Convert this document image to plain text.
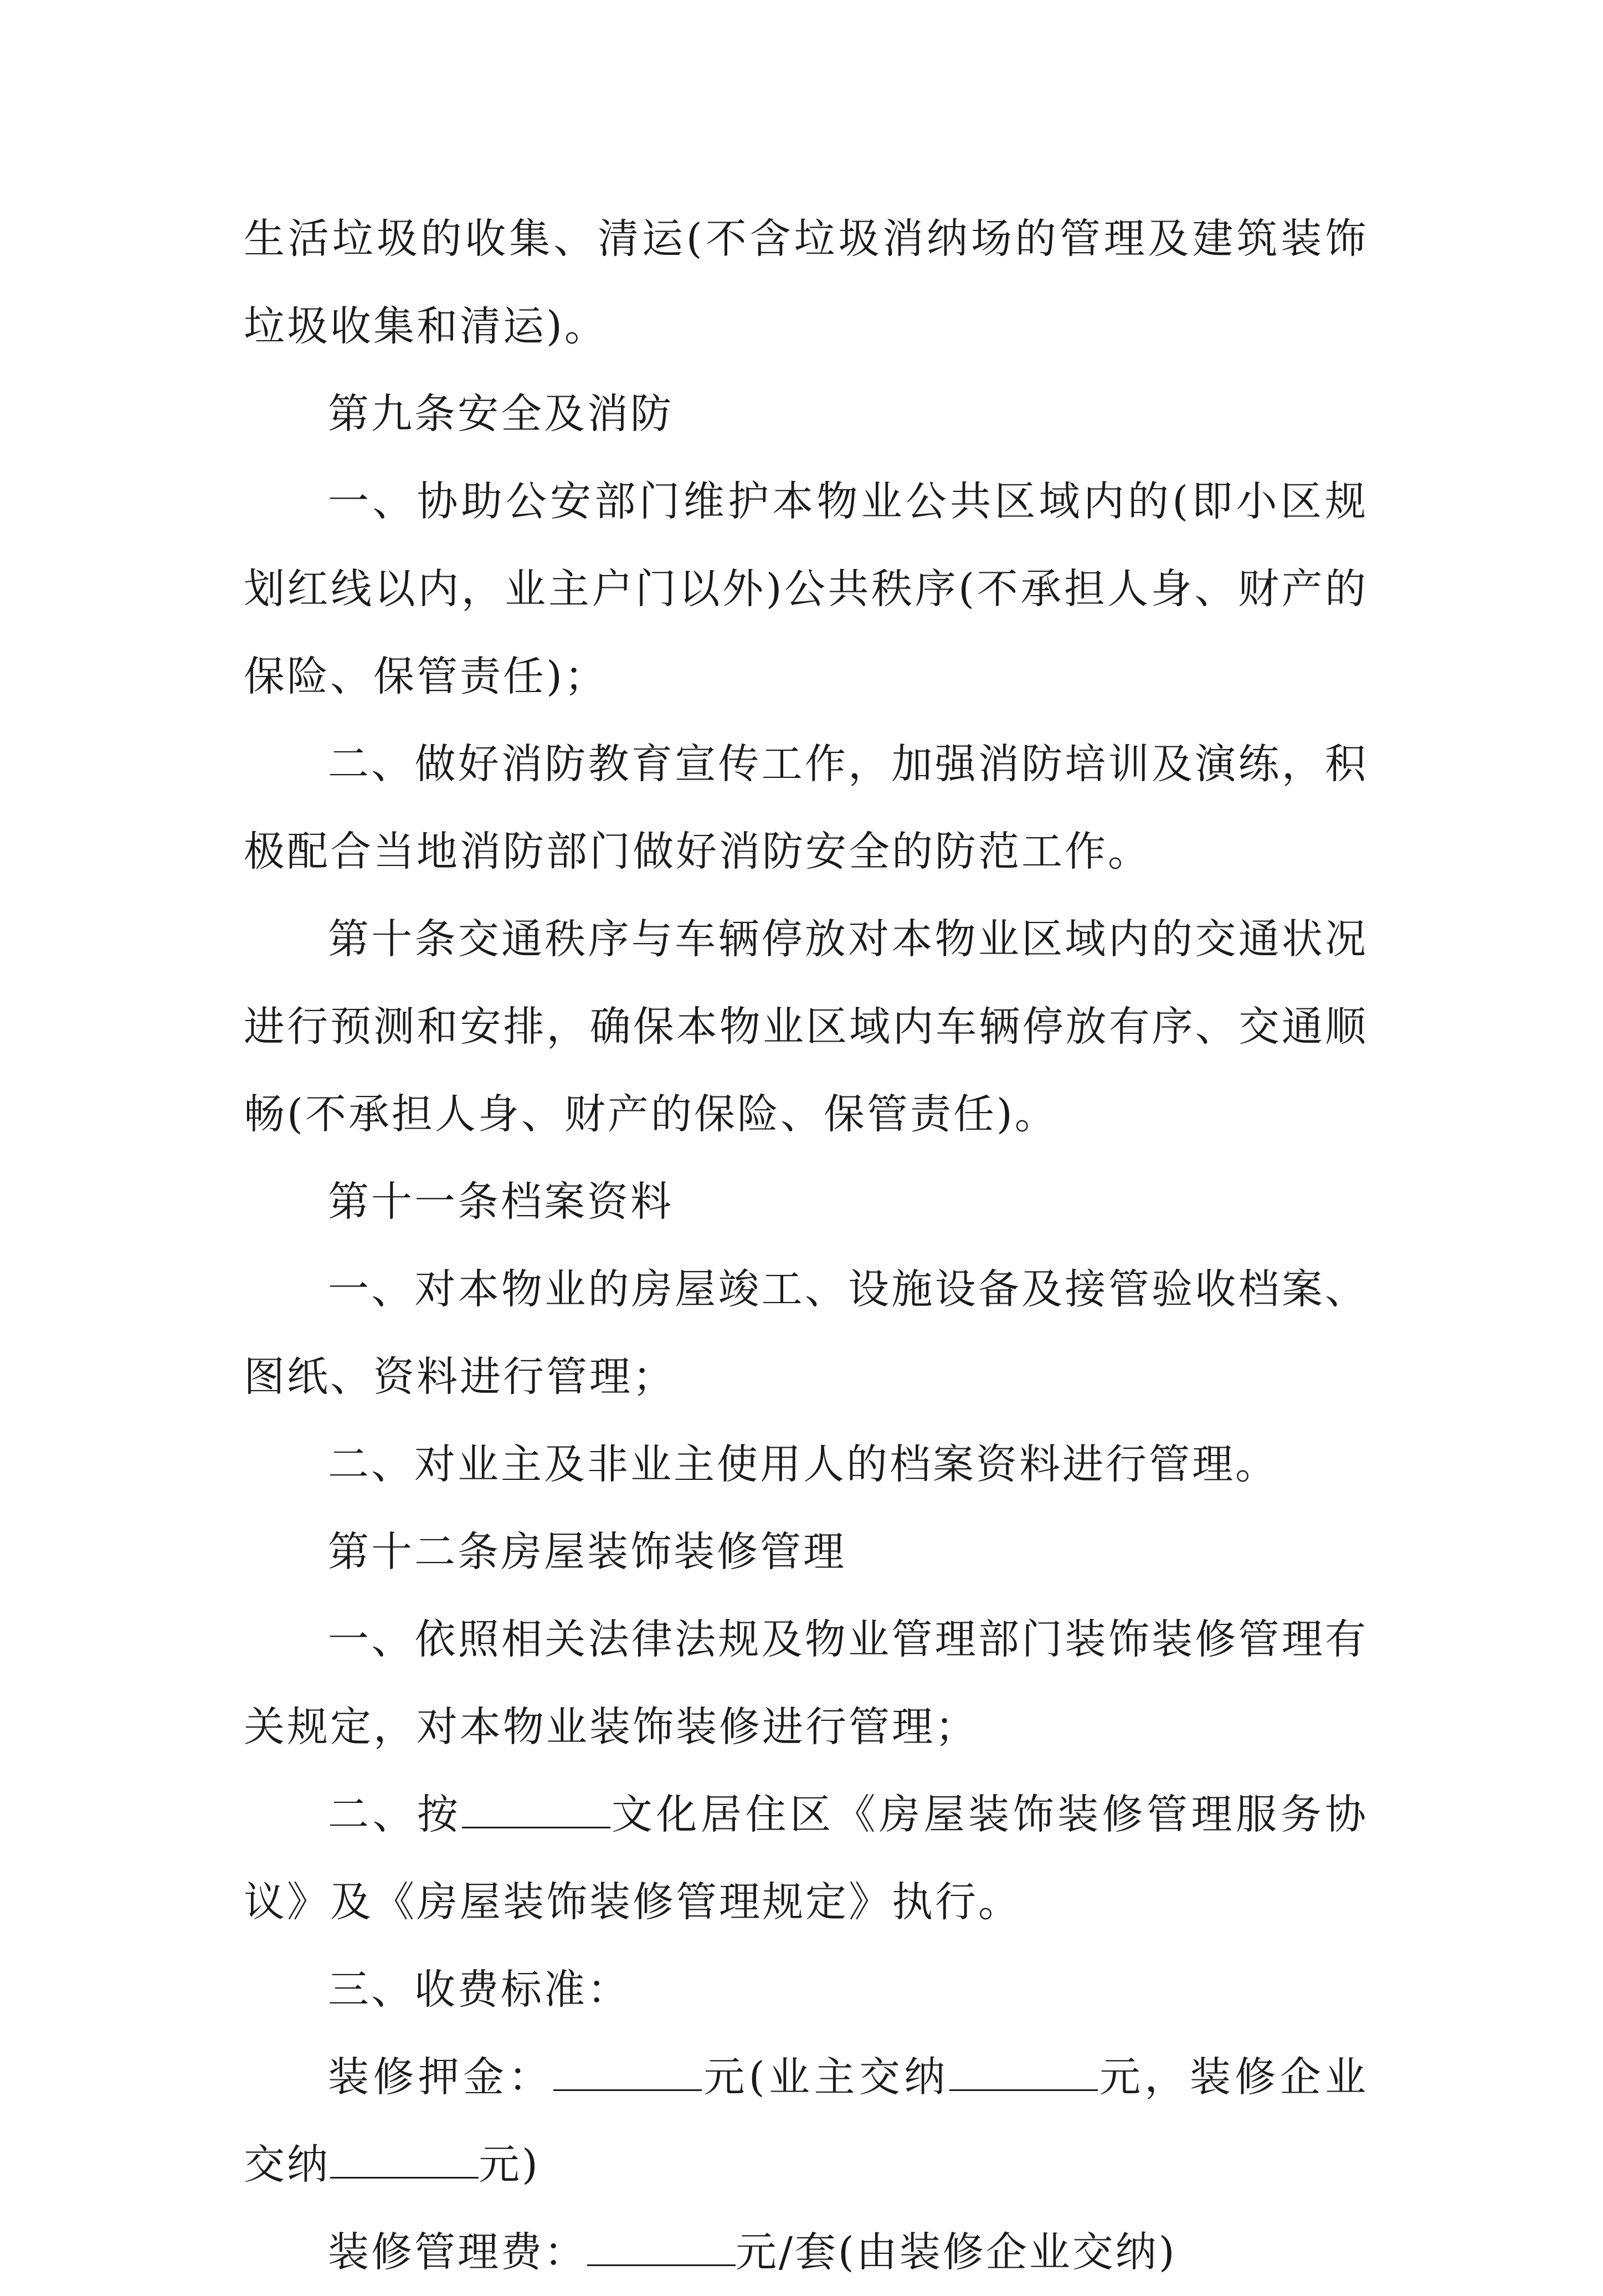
生活垃圾的收集、清运(不含垃圾消纳场的管理及建筑装饰垃圾收集和清运)。

第九条安全及消防

一、协助公安部门维护本物业公共区域内的(即小区规划红线以内，业主户门以外)公共秩序(不承担人身、财产的保险、保管责任)；

二、做好消防教育宣传工作，加强消防培训及演练，积极配合当地消防部门做好消防安全的防范工作。

第十条交通秩序与车辆停放对本物业区域内的交通状况进行预测和安排，确保本物业区域内车辆停放有序、交通顺畅(不承担人身、财产的保险、保管责任)。

第十一条档案资料

一、对本物业的房屋竣工、设施设备及接管验收档案、图纸、资料进行管理；

二、对业主及非业主使用人的档案资料进行管理。

第十二条房屋装饰装修管理

一、依照相关法律法规及物业管理部门装饰装修管理有关规定，对本物业装饰装修进行管理；

二、按	文化居住区《房屋装饰装修管理服务协议》及《房屋装饰装修管理规定》执行。

三、收费标准：

装修押金：	元(业主交纳	元，装修企业交纳	元)

装修管理费：	元/套(由装修企业交纳)
